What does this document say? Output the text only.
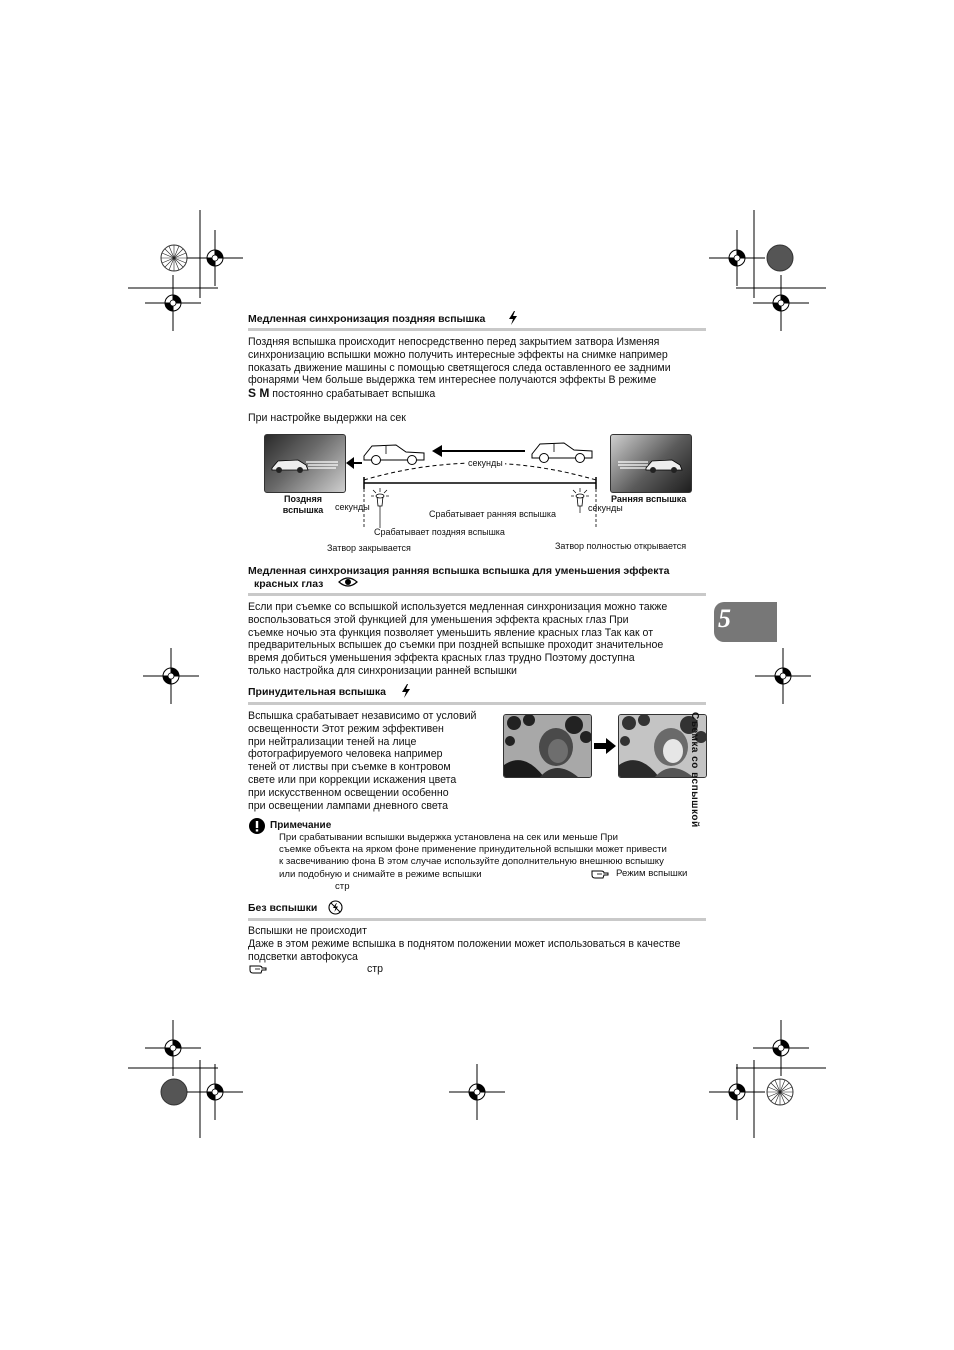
Медленная синхронизация поздняя вспышка
Поздняя вспышка происходит непосредственно перед закрытием затвора Изменяя
синхронизацию вспышки можно получить интересные эффекты на снимке например
показать движение машины с помощью светящегося следа оставленного ее задними
фонарями Чем больше выдержка тем интереснее получаются эффекты В режиме
S M постоянно срабатывает вспышка
При настройке выдержки на сек
секунды
Поздняя
вспышка
Ранняя вспышка
секунды	секунды
Срабатывает ранняя вспышка
Срабатывает поздняя вспышка
Затвор закрывается	Затвор полностью открывается
Медленная синхронизация ранняя вспышка вспышка для уменьшения эффекта
красных глаз
Если при съемке со вспышкой используется медленная синхронизация можно также
воспользоваться этой функцией для уменьшения эффекта красных глаз При
съемке ночью эта функция позволяет уменьшить явление красных глаз Так как от
предварительных вспышек до съемки при поздней вспышке проходит значительное
время добиться уменьшения эффекта красных глаз трудно Поэтому доступна
только настройка для синхронизации ранней вспышки
Принудительная вспышка
Вспышка срабатывает независимо от условий
освещенности Этот режим эффективен
при нейтрализации теней на лице
фотографируемого человека например
теней от листвы при съемке в контровом
свете или при коррекции искажения цвета
при искусственном освещении особенно
при освещении лампами дневного света
Примечание
При срабатывании вспышки выдержка установлена на сек или меньше При
съемке объекта на ярком фоне применение принудительной вспышки может привести
к засвечиванию фона В этом случае используйте дополнительную внешнюю вспышку
или подобную и снимайте в режиме вспышки
стр
Режим вспышки
Без вспышки
Вспышки не происходит
Даже в этом режиме вспышка в поднятом положении может использоваться в качестве
подсветки автофокуса
стр
5
Съемка со вспышкой
